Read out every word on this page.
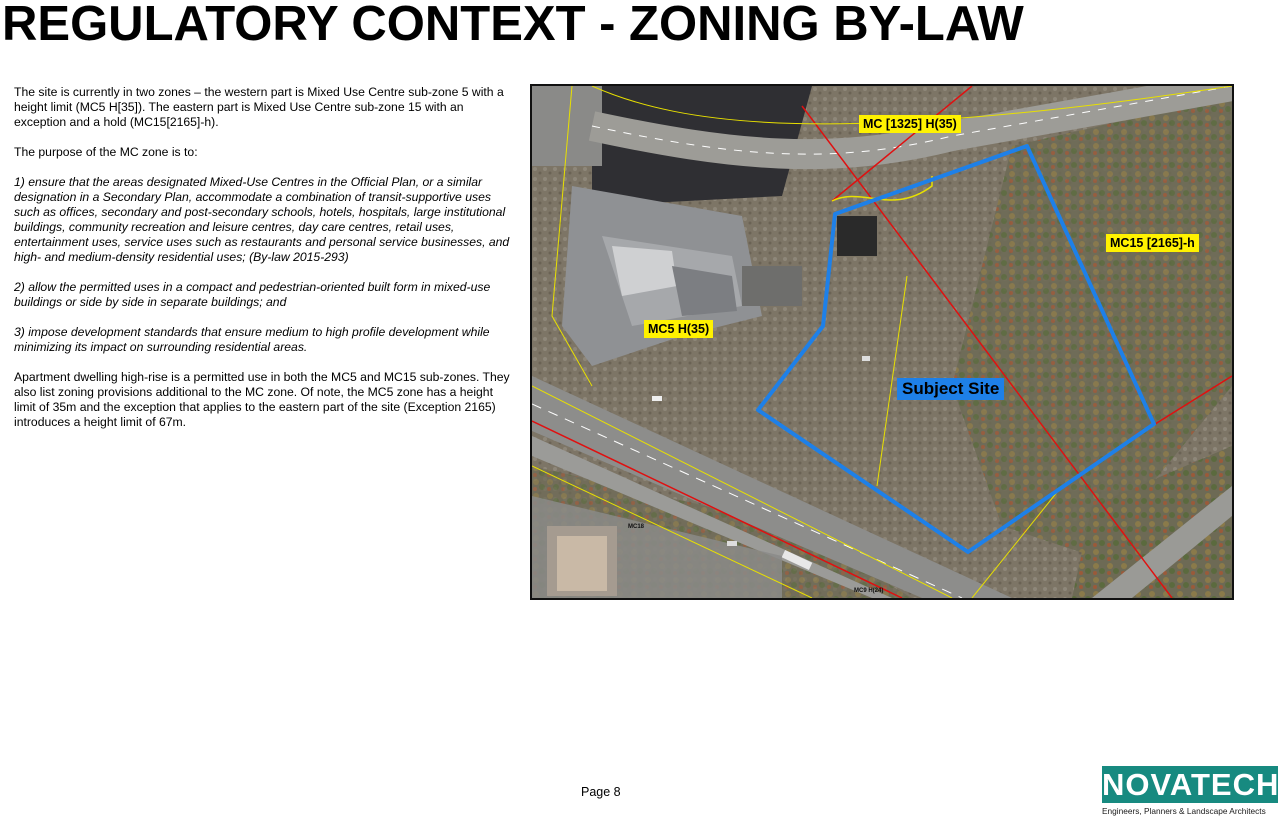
REGULATORY CONTEXT - ZONING BY-LAW

The site is currently in two zones – the western part is Mixed Use Centre sub-zone 5 with a height limit (MC5 H[35]). The eastern part is Mixed Use Centre sub-zone 15 with an exception and a hold (MC15[2165]-h).

The purpose of the MC zone is to:

1) ensure that the areas designated Mixed-Use Centres in the Official Plan, or a similar designation in a Secondary Plan, accommodate a combination of transit-supportive uses such as offices, secondary and post-secondary schools, hotels, hospitals, large institutional buildings, community recreation and leisure centres, day care centres, retail uses, entertainment uses, service uses such as restaurants and personal service businesses, and high- and medium-density residential uses; (By-law 2015-293)

2) allow the permitted uses in a compact and pedestrian-oriented built form in mixed-use buildings or side by side in separate buildings; and

3) impose development standards that ensure medium to high profile development while minimizing its impact on surrounding residential areas.

Apartment dwelling high-rise is a permitted use in both the MC5 and MC15 sub-zones. They also list zoning provisions additional to the MC zone. Of note, the MC5 zone has a height limit of 35m and the exception that applies to the eastern part of the site (Exception 2165) introduces a height limit of 67m.

MC [1325] H(35)
MC15 [2165]-h
MC5 H(35)
Subject Site
MC18
MC9 H(24)
Page 8	NOVATECH
Engineers, Planners & Landscape Architects
